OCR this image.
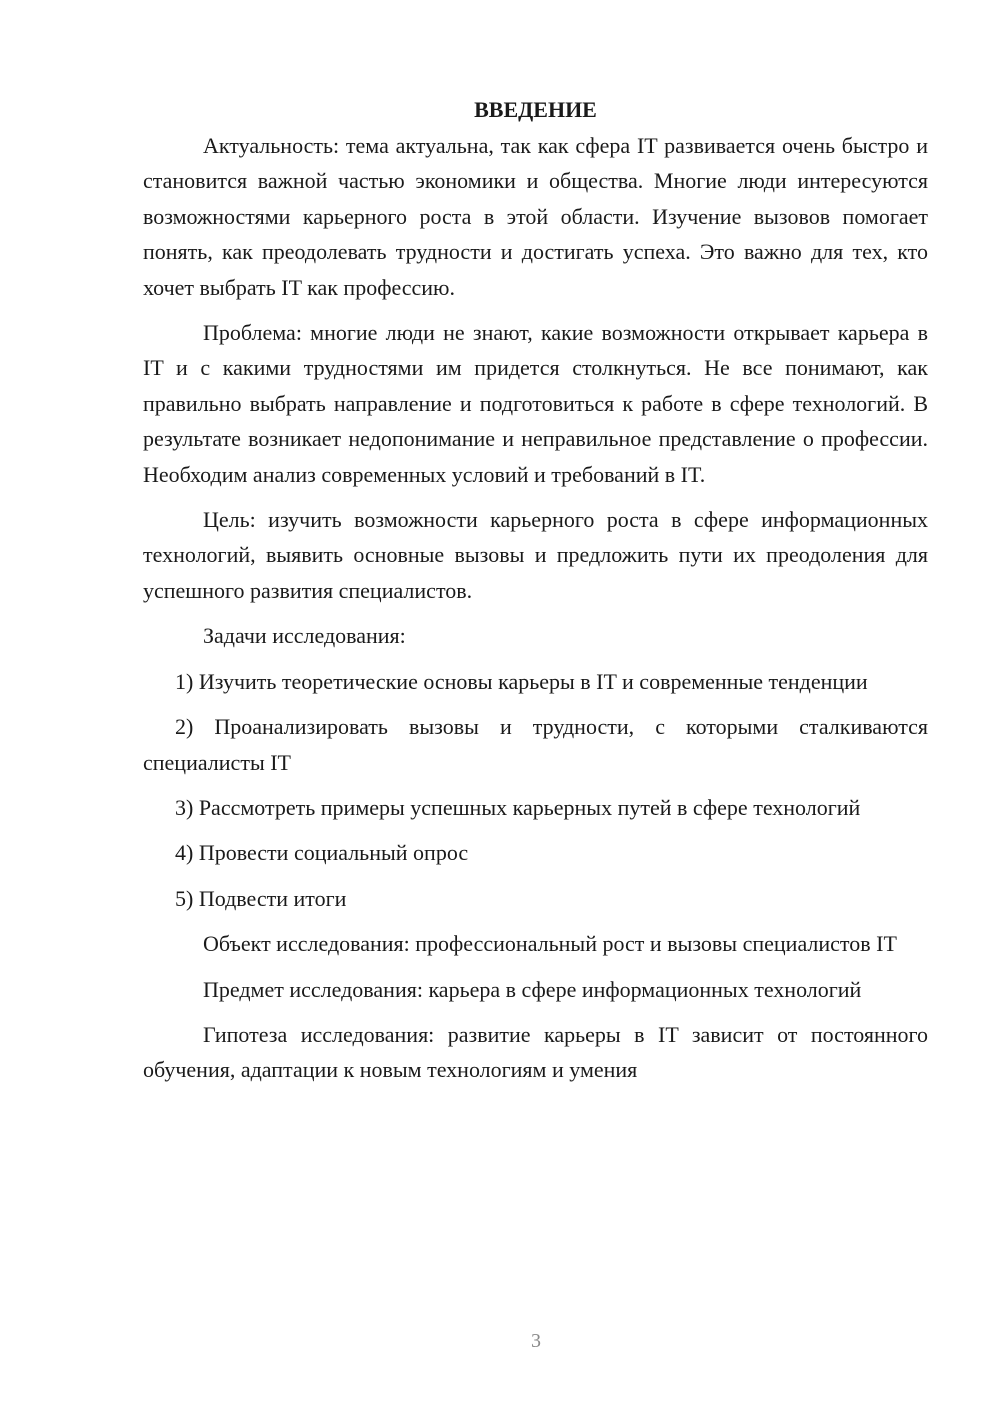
ВВЕДЕНИЕ

Актуальность: тема актуальна, так как сфера IT развивается очень быстро и становится важной частью экономики и общества. Многие люди интересуются возможностями карьерного роста в этой области. Изучение вызовов помогает понять, как преодолевать трудности и достигать успеха. Это важно для тех, кто хочет выбрать IT как профессию.

Проблема: многие люди не знают, какие возможности открывает карьера в IT и с какими трудностями им придется столкнуться. Не все понимают, как правильно выбрать направление и подготовиться к работе в сфере технологий. В результате возникает недопонимание и неправильное представление о профессии. Необходим анализ современных условий и требований в IT.

Цель: изучить возможности карьерного роста в сфере информационных технологий, выявить основные вызовы и предложить пути их преодоления для успешного развития специалистов.

Задачи исследования:

1) Изучить теоретические основы карьеры в IT и современные тенденции

2) Проанализировать вызовы и трудности, с которыми сталкиваются специалисты IT

3) Рассмотреть примеры успешных карьерных путей в сфере технологий

4) Провести социальный опрос

5) Подвести итоги

Объект исследования: профессиональный рост и вызовы специалистов IT

Предмет исследования: карьера в сфере информационных технологий

Гипотеза исследования: развитие карьеры в IT зависит от постоянного обучения, адаптации к новым технологиям и умения

3
